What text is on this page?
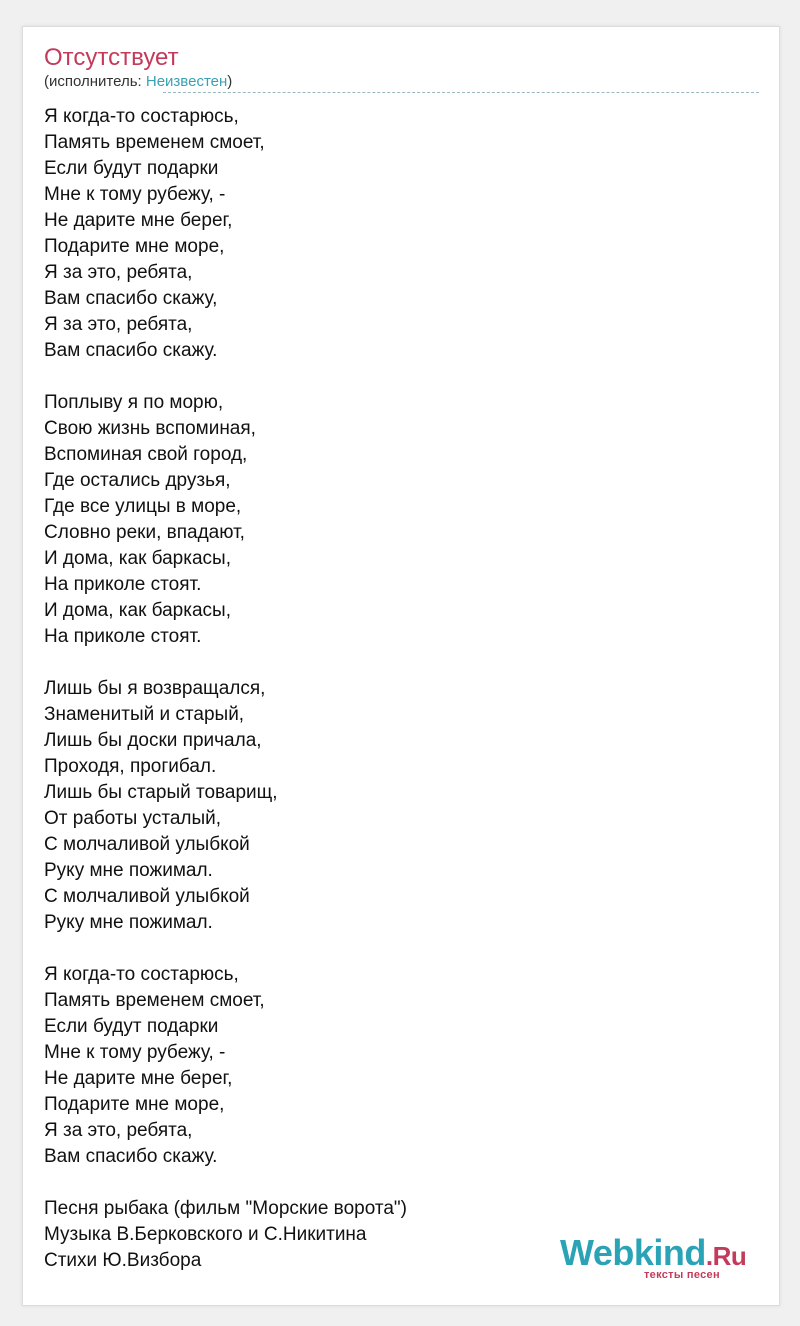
Отсутствует
(исполнитель: Неизвестен)
Я когда-то состарюсь,
Память временем смоет,
Если будут подарки
Мне к тому рубежу, -
Не дарите мне берег,
Подарите мне море,
Я за это, ребята,
Вам спасибо скажу,
Я за это, ребята,
Вам спасибо скажу.
Поплыву я по морю,
Свою жизнь вспоминая,
Вспоминая свой город,
Где остались друзья,
Где все улицы в море,
Словно реки, впадают,
И дома, как баркасы,
На приколе стоят.
И дома, как баркасы,
На приколе стоят.
Лишь бы я возвращался,
Знаменитый и старый,
Лишь бы доски причала,
Проходя, прогибал.
Лишь бы старый товарищ,
От работы усталый,
С молчаливой улыбкой
Руку мне пожимал.
С молчаливой улыбкой
Руку мне пожимал.
Я когда-то состарюсь,
Память временем смоет,
Если будут подарки
Мне к тому рубежу, -
Не дарите мне берег,
Подарите мне море,
Я за это, ребята,
Вам спасибо скажу.
Песня рыбака (фильм "Морские ворота")
Музыка В.Берковского и С.Никитина
Стихи Ю.Визбора	Webkind.Ru
тексты песен
